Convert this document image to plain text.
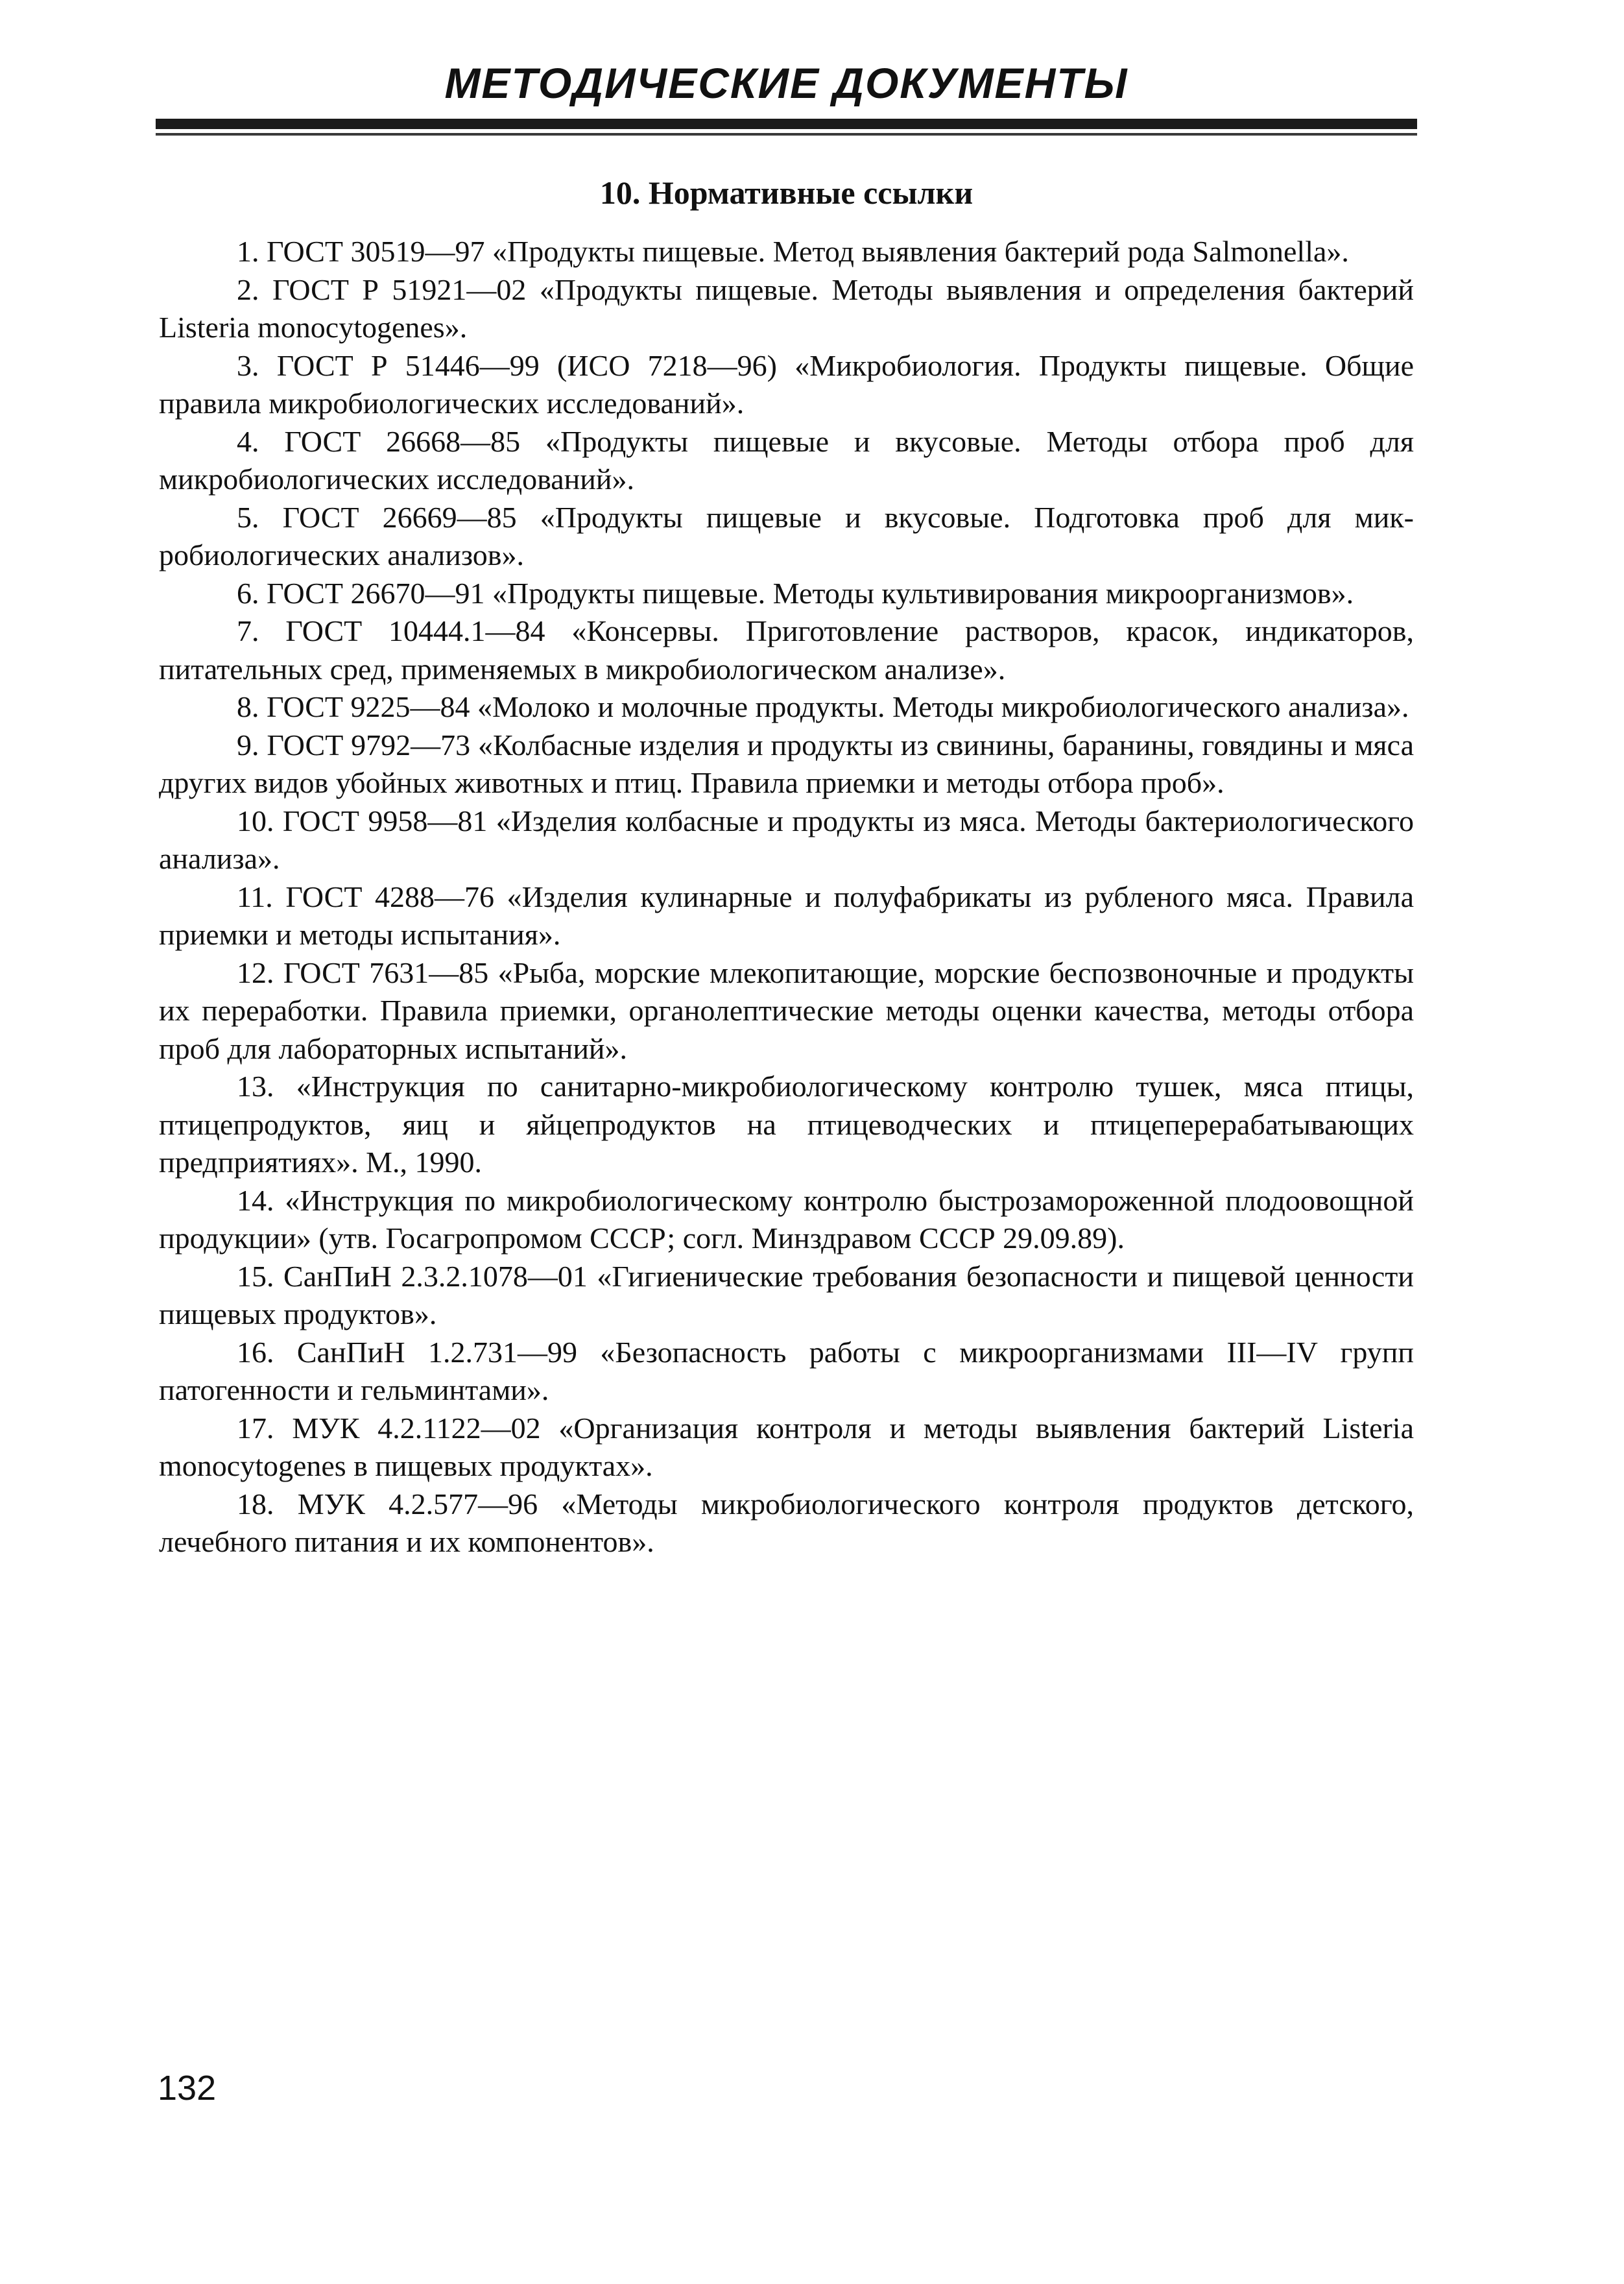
МЕТОДИЧЕСКИЕ ДОКУМЕНТЫ
10. Нормативные ссылки
1. ГОСТ 30519—97 «Продукты пищевые. Метод выявления бактерий рода Salmonella».
2. ГОСТ Р 51921—02 «Продукты пищевые. Методы выявления и определения бактерий Listeria monocytogenes».
3. ГОСТ Р 51446—99 (ИСО 7218—96) «Микробиология. Продукты пищевые. Общие правила микробиологических исследований».
4. ГОСТ 26668—85 «Продукты пищевые и вкусовые. Методы отбора проб для микробиологических исследований».
5. ГОСТ 26669—85 «Продукты пищевые и вкусовые. Подготовка проб для микробиологических анализов».
6. ГОСТ 26670—91 «Продукты пищевые. Методы культивирования микроорганизмов».
7. ГОСТ 10444.1—84 «Консервы. Приготовление растворов, красок, индикаторов, питательных сред, применяемых в микробиологическом анализе».
8. ГОСТ 9225—84 «Молоко и молочные продукты. Методы микробиологического анализа».
9. ГОСТ 9792—73 «Колбасные изделия и продукты из свинины, баранины, говядины и мяса других видов убойных животных и птиц. Правила приемки и методы отбора проб».
10. ГОСТ 9958—81 «Изделия колбасные и продукты из мяса. Методы бактериологического анализа».
11. ГОСТ 4288—76 «Изделия кулинарные и полуфабрикаты из рубленого мяса. Правила приемки и методы испытания».
12. ГОСТ 7631—85 «Рыба, морские млекопитающие, морские беспозвоночные и продукты их переработки. Правила приемки, органолептические методы оценки качества, методы отбора проб для лабораторных испытаний».
13. «Инструкция по санитарно-микробиологическому контролю тушек, мяса птицы, птицепродуктов, яиц и яйцепродуктов на птицеводческих и птицеперерабатывающих предприятиях». М., 1990.
14. «Инструкция по микробиологическому контролю быстрозамороженной плодоовощной продукции» (утв. Госагропромом СССР; согл. Минздравом СССР 29.09.89).
15. СанПиН 2.3.2.1078—01 «Гигиенические требования безопасности и пищевой ценности пищевых продуктов».
16. СанПиН 1.2.731—99 «Безопасность работы с микроорганизмами III—IV групп патогенности и гельминтами».
17. МУК 4.2.1122—02 «Организация контроля и методы выявления бактерий Listeria monocytogenes в пищевых продуктах».
18. МУК 4.2.577—96 «Методы микробиологического контроля продуктов детского, лечебного питания и их компонентов».
132
